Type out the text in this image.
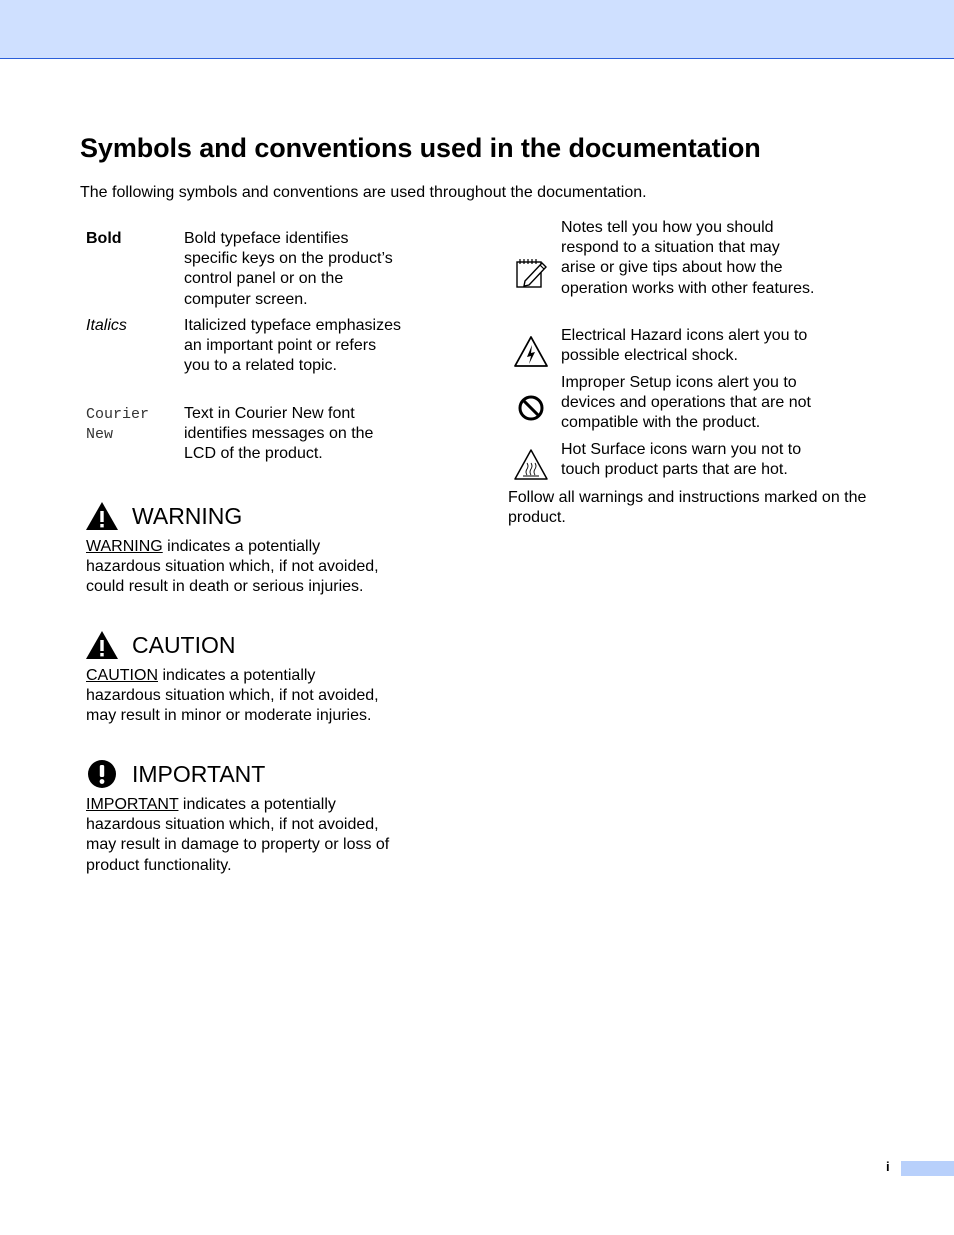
Symbols and conventions used in the documentation

The following symbols and conventions are used throughout the documentation.

Bold	Bold typeface identifies specific keys on the product’s control panel or on the computer screen.
Italics	Italicized typeface emphasizes an important point or refers you to a related topic.
Courier New
Text in Courier New font identifies messages on the LCD of the product.
WARNING
WARNING indicates a potentially hazardous situation which, if not avoided, could result in death or serious injuries.
CAUTION
CAUTION indicates a potentially hazardous situation which, if not avoided, may result in minor or moderate injuries.
IMPORTANT
IMPORTANT indicates a potentially hazardous situation which, if not avoided, may result in damage to property or loss of product functionality.
Notes tell you how you should respond to a situation that may arise or give tips about how the operation works with other features.
Electrical Hazard icons alert you to possible electrical shock.
Improper Setup icons alert you to devices and operations that are not compatible with the product.
Hot Surface icons warn you not to touch product parts that are hot.
Follow all warnings and instructions marked on the product.
i
